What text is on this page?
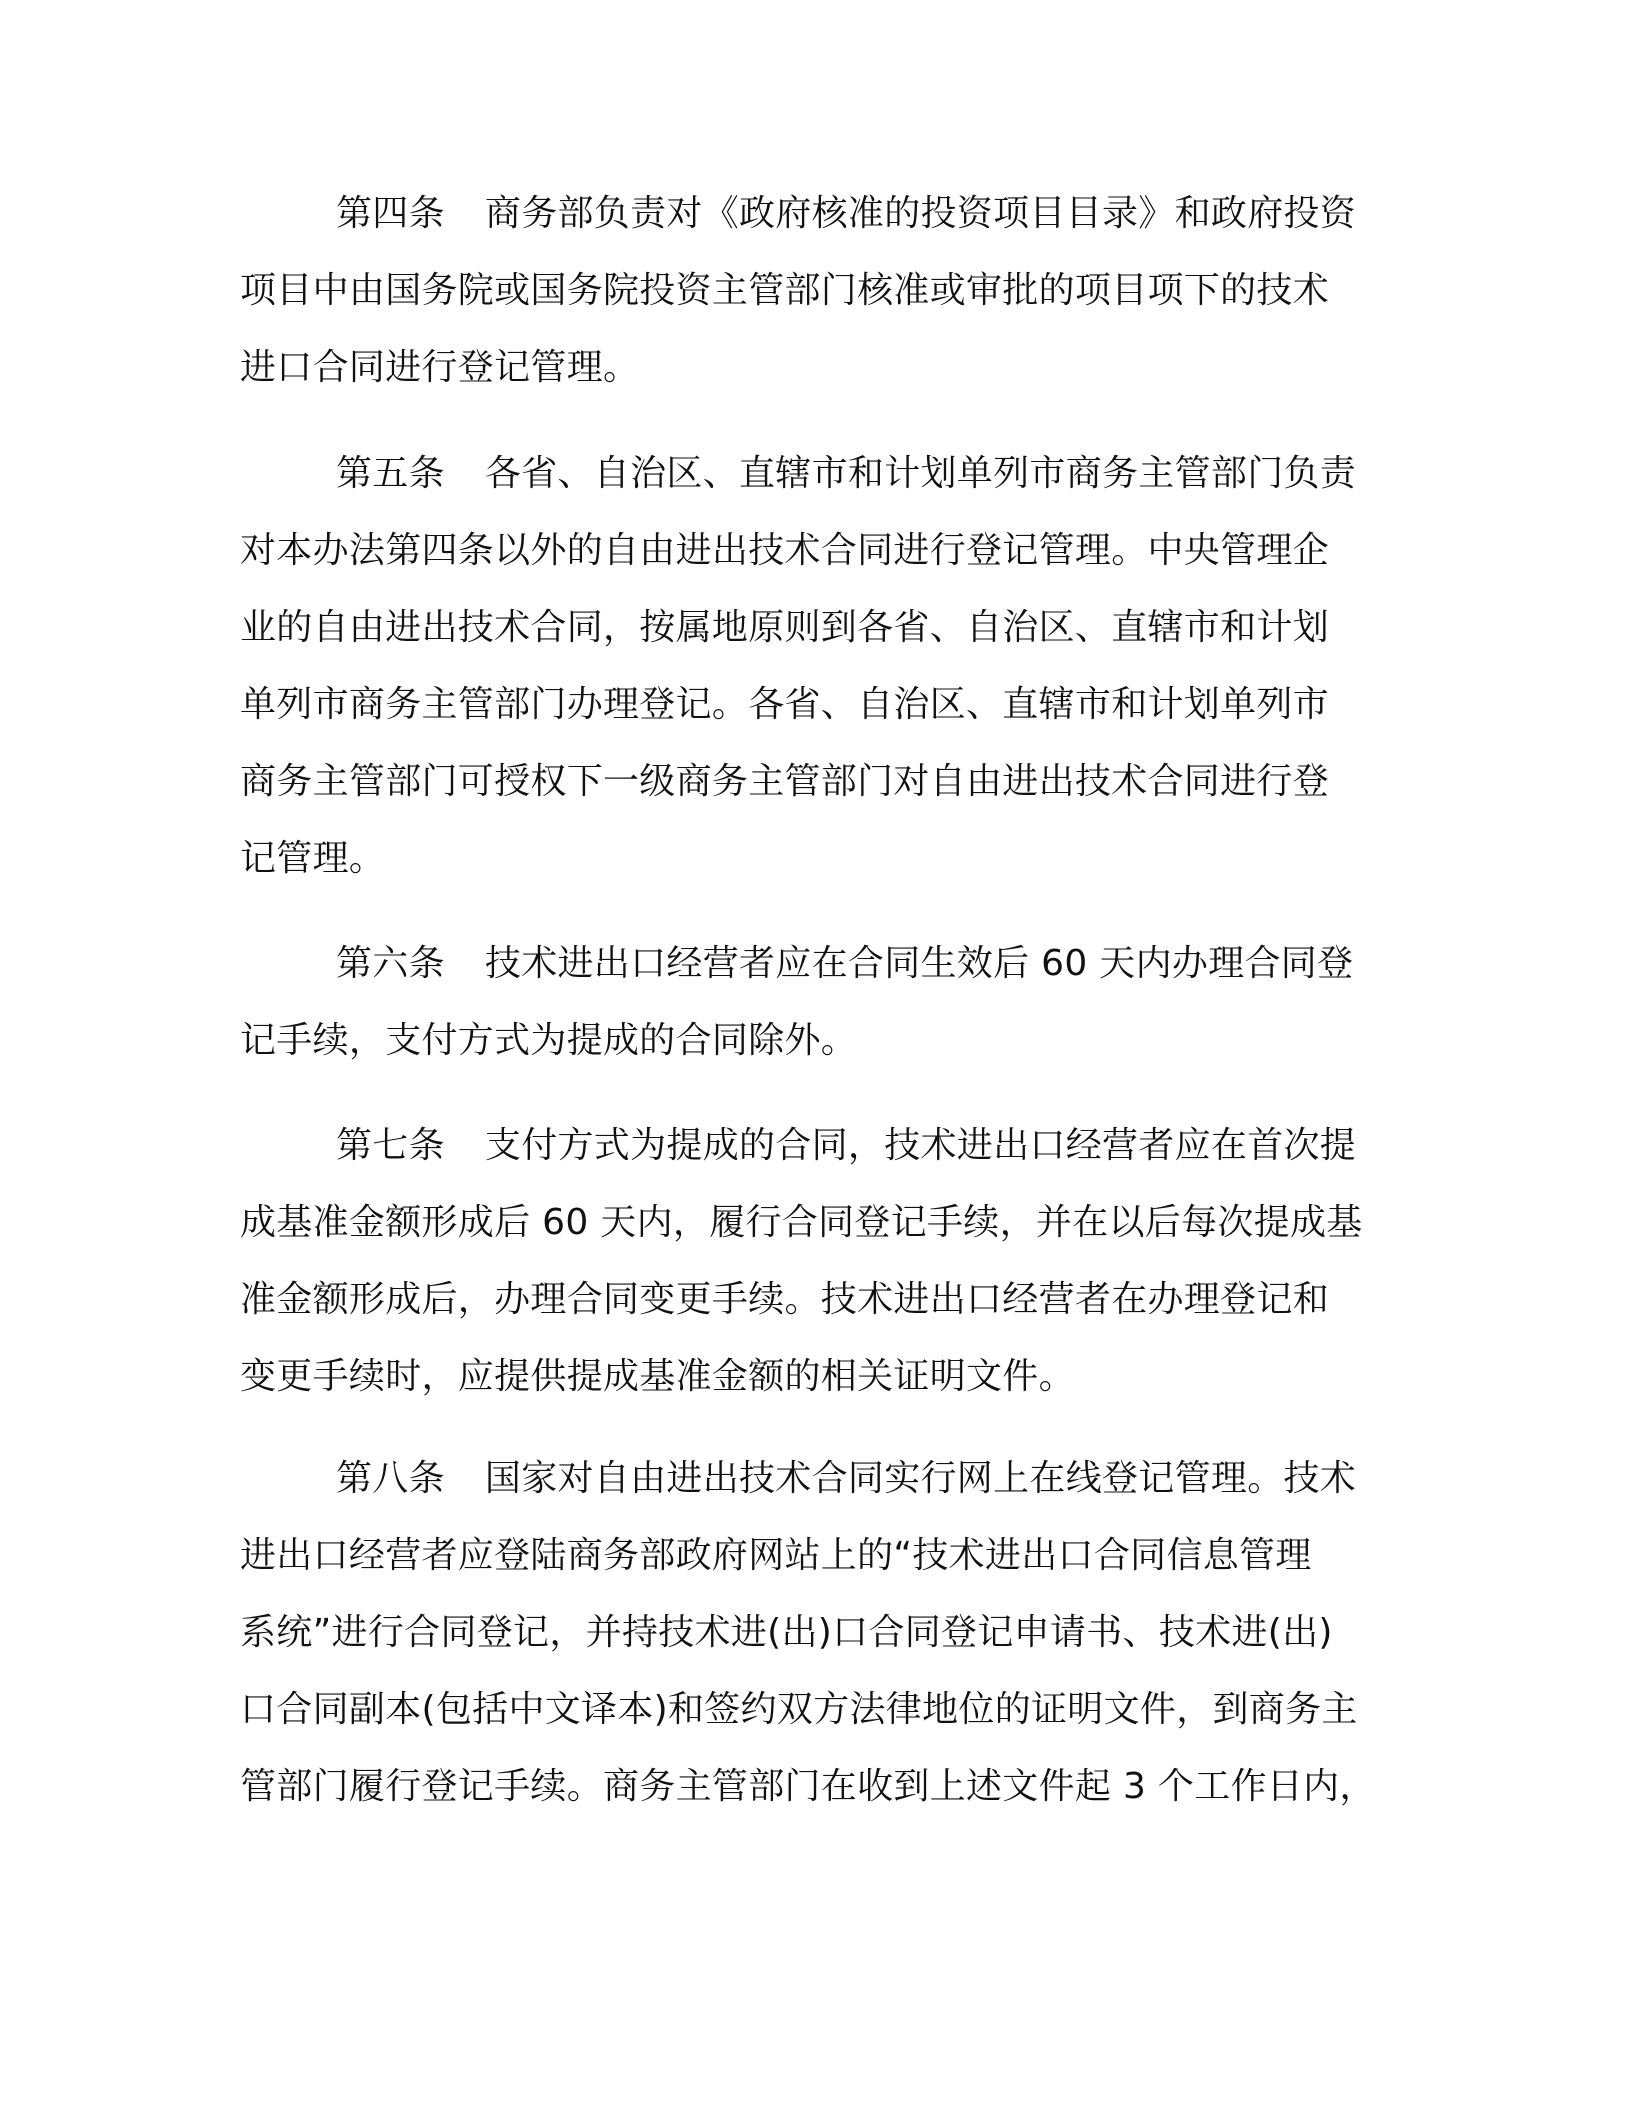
第四条 商务部负责对《政府核准的投资项目目录》和政府投资
项目中由国务院或国务院投资主管部门核准或审批的项目项下的技术
进口合同进行登记管理。
第五条 各省、自治区、直辖市和计划单列市商务主管部门负责
对本办法第四条以外的自由进出技术合同进行登记管理。中央管理企
业的自由进出技术合同，按属地原则到各省、自治区、直辖市和计划
单列市商务主管部门办理登记。各省、自治区、直辖市和计划单列市
商务主管部门可授权下一级商务主管部门对自由进出技术合同进行登
记管理。
第六条 技术进出口经营者应在合同生效后 60 天内办理合同登
记手续，支付方式为提成的合同除外。
第七条 支付方式为提成的合同，技术进出口经营者应在首次提
成基准金额形成后 60 天内，履行合同登记手续，并在以后每次提成基
准金额形成后，办理合同变更手续。技术进出口经营者在办理登记和
变更手续时，应提供提成基准金额的相关证明文件。
第八条 国家对自由进出技术合同实行网上在线登记管理。技术
进出口经营者应登陆商务部政府网站上的“技术进出口合同信息管理
系统”进行合同登记，并持技术进(出)口合同登记申请书、技术进(出)
口合同副本(包括中文译本)和签约双方法律地位的证明文件，到商务主
管部门履行登记手续。商务主管部门在收到上述文件起 3 个工作日内，
